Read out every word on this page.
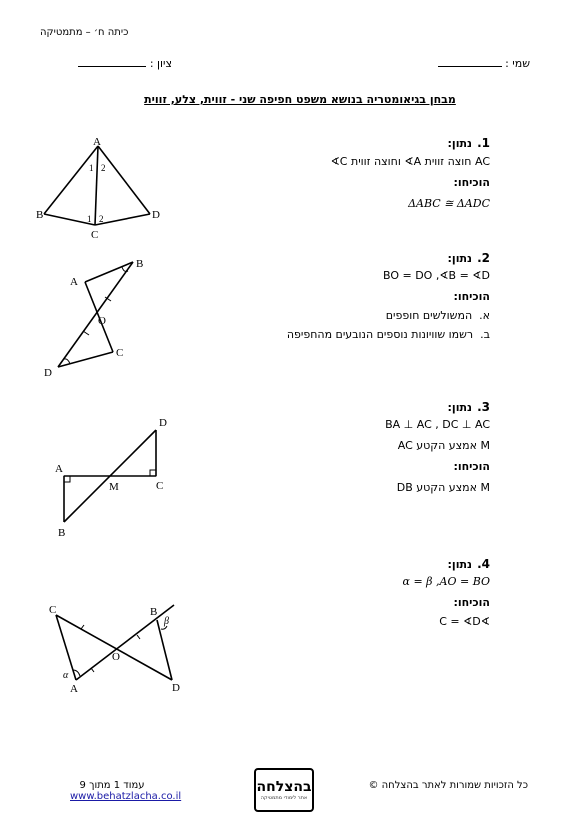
כיתה ח׳ – מתמטיקה
שמי :
ציון :
מבחן בגיאומטריה בנושא משפט חפיפה שני - זווית, צלע, זווית
1. נתון:
AC חוצה זווית A∢ וחוצה זווית C∢
הוכיחו:
ΔABC ≅ ΔADC
A
B
C
D
1 2
1 2
2. נתון:
BO = DO ,∢B = ∢D
הוכיחו:
א.  המשולשים חופפים
ב.  רשמו שוויונות נוספים הנובעים מהחפיפה
B
A
O
C
D
3. נתון:
BA ⊥ AC , DC ⊥ AC
M אמצע הקטע AC
הוכיחו:
M אמצע הקטע DB
A
D
M	C
B
4. נתון:
α = β ,AO = BO
הוכיחו:
∢C = ∢D
C	B
O
A	D
α
β
עמוד 1 מתוך 9    www.behatzlacha.co.il
בהצלחה
אתר לימודי מתמטיקה
כל הזכויות שמורות לאתר בהצלחה ©
